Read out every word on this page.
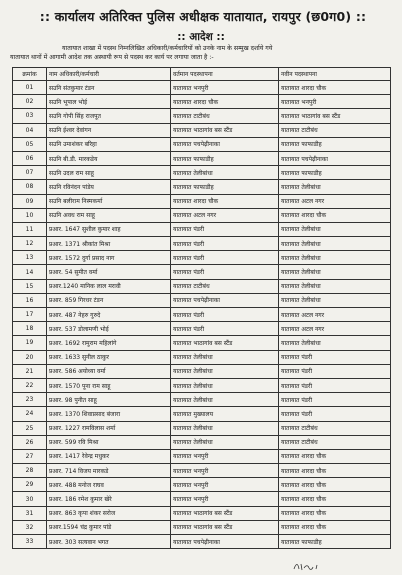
:: कार्यालय अतिरिक्त पुलिस अधीक्षक यातायात, रायपुर (छ0ग0) ::
:: आदेश ::

यातायात शाखा में पदस्थ निम्नलिखित अधिकारी/कर्मचारियों को उनके नाम के सम्मुख दर्शाये गये

यातायात थानों में आगामी आदेश तक अस्थायी रूप से पदस्थ कर कार्य पर लगाया जाता है :-

क्रमांक	नाम अधिकारी/कर्मचारी	वर्तमान पदस्थापना	नवीन पदस्थापना
01	सउनि संतकुमार टंडन	यातायात भनपुरी	यातायात शारदा चौक
02	सउनि भूपाल भोई	यातायात शारदा चौक	यातायात भनपुरी
03	सउनि गोपी सिंह राजपूत	यातायात टाटीबंध	यातायात भाठागांव बस स्टैंड
04	सउनि ईश्वर देवांगन	यातायात भाठागांव बस स्टैंड	यातायात टाटीबंध
05	सउनि उमाशंकर बरिहा	यातायात पचपेढ़ीनाका	यातायात फाफाडीह
06	सउनि बी.डी. मारकडेय	यातायात फाफाडीह	यातायात पचपेढ़ीनाका
07	सउनि उदल राम साहू	यातायात तेलीबांधा	यातायात फाफाडीह
08	सउनि रविनंदन पांडेय	यातायात फाफाडीह	यातायात तेलीबांधा
09	सउनि बलीराम निस्मकर्मा	यातायात शारदा चौक	यातायात अटल नगर
10	सउनि अवध राम साहू	यातायात अटल नगर	यातायात शारदा चौक
11	प्रआर. 1647 सुशील कुमार शाह	यातायात पंडरी	यातायात तेलीबांधा
12	प्रआर. 1371 श्रीकांत मिश्रा	यातायात पंडरी	यातायात तेलीबांधा
13	प्रआर. 1572 दुर्गा प्रसाद नाग	यातायात पंडरी	यातायात तेलीबांधा
14	प्रआर. 54 सुमीत वर्मा	यातायात पंडरी	यातायात तेलीबांधा
15	प्रआर.1240 मानिक लाल मरावी	यातायात टाटीबंध	यातायात तेलीबांधा
16	प्रआर. 859 गिरधर टंडन	यातायात पचपेढ़ीनाका	यातायात तेलीबांधा
17	प्रआर. 487 नेहरु गुरुदे	यातायात पंडरी	यातायात अटल नगर
18	प्रआर. 537 डोलामणी भोई	यातायात पंडरी	यातायात अटल नगर
19	प्रआर. 1692 रामुराम महिलांगे	यातायात भाठागांव बस स्टैंड	यातायात तेलीबांधा
20	प्रआर. 1633 सुनील ठाकुर	यातायात तेलीबांधा	यातायात पंडरी
21	प्रआर. 586 अयोध्या वर्मा	यातायात तेलीबांधा	यातायात पंडरी
22	प्रआर. 1570 पूना राम साहू	यातायात तेलीबांधा	यातायात पंडरी
23	प्रआर. 98 पुनीत साहू	यातायात तेलीबांधा	यातायात पंडरी
24	प्रआर. 1370 शिवाप्रसाद बंजारा	यातायात मुख्यालय	यातायात पंडरी
25	प्रआर. 1227 रामविलास शर्मा	यातायात तेलीबांधा	यातायात टाटीबंध
26	प्रआर. 599 रवि मिश्रा	यातायात तेलीबांधा	यातायात टाटीबंध
27	प्रआर. 1417 रेवेन्द्र मधुकर	यातायात भनपुरी	यातायात शारदा चौक
28	प्रआर. 714 विजय मारकडे	यातायात भनपुरी	यातायात शारदा चौक
29	प्रआर. 488 मनोज राघव	यातायात भनपुरी	यातायात शारदा चौक
30	प्रआर. 186 रमेश कुमार खेरे	यातायात भनपुरी	यातायात शारदा चौक
31	प्रआर. 863 कृपा शंकर सरोज	यातायात भाठागांव बस स्टैंड	यातायात शारदा चौक
32	प्रआर.1594 चंद्र कुमार पांडे	यातायात भाठागांव बस स्टैंड	यातायात शारदा चौक
33	प्रआर. 303 सत्यवान भगत	यातायात पचपेढ़ीनाका	यातायात फाफाडीह
